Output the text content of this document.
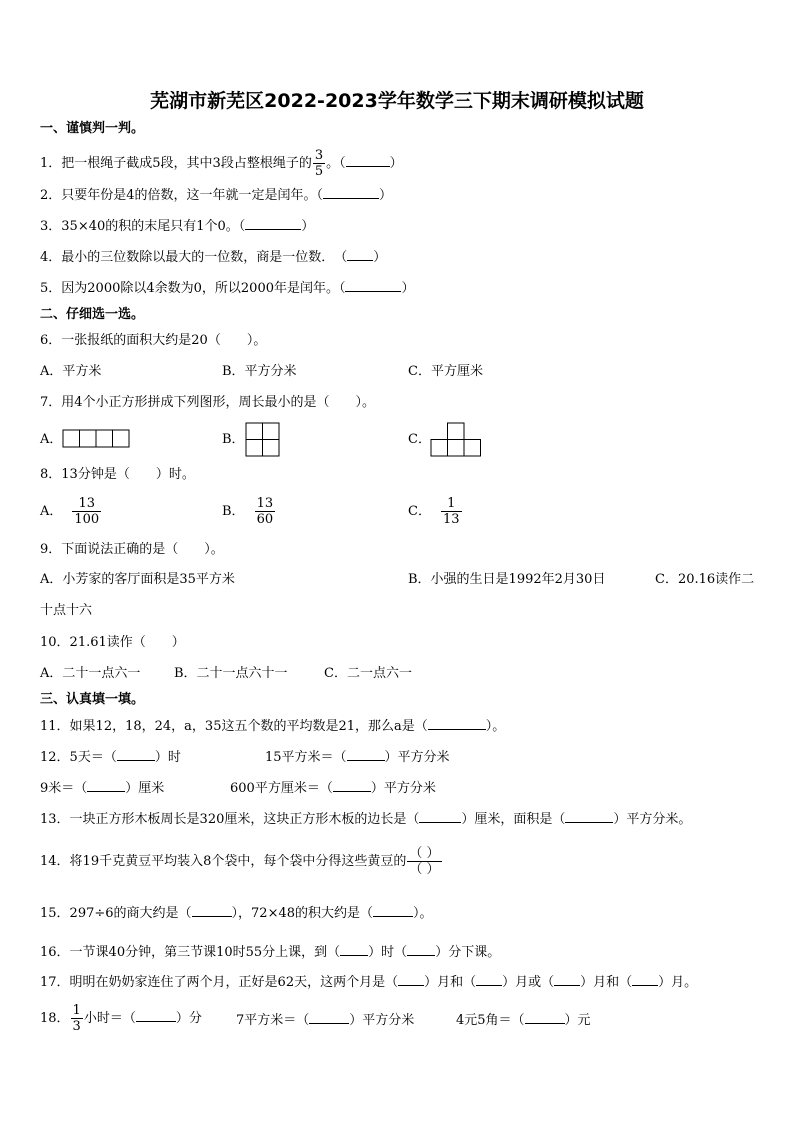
芜湖市新芜区2022-2023学年数学三下期末调研模拟试题
一、谨慎判一判。
1．把一根绳子截成5段，其中3段占整根绳子的 $\frac{3}{5}$ 。（	）
2．只要年份是4的倍数，这一年就一定是闰年。（	）
3．35×40的积的末尾只有1个0。（	）
4．最小的三位数除以最大的一位数，商是一位数．　（ ）
5．因为2000除以4余数为0，所以2000年是闰年。（	）
二、仔细选一选。
6．一张报纸的面积大约是20（　　）。
A．平方米	B．平方分米	C．平方厘米
7．用4个小正方形拼成下列图形，周长最小的是（　　）。
A．	B．	C．
8．13分钟是（　　）时。
A． $\frac{13}{100}$	B． $\frac{13}{60}$	C． $\frac{1}{13}$
9．下面说法正确的是（　　）。
A．小芳家的客厅面积是35平方米	B．小强的生日是1992年2月30日	C．20.16读作二
十点十六
10．21.61读作（　　）
A．二十一点六一	B．二十一点六十一	C．二一点六一
三、认真填一填。
11．如果12，18，24，a，35这五个数的平均数是21，那么a是（	）。
12．5天＝（	）时	15平方米＝（	）平方分米
9米＝（	）厘米	600平方厘米＝（	）平方分米
13．一块正方形木板周长是320厘米，这块正方形木板的边长是（	）厘米，面积是（	）平方分米。
14．将19千克黄豆平均装入8个袋中，每个袋中分得这些黄豆的 $\frac{( )}{( )}$
15．297÷6的商大约是（	），72×48的积大约是（	）。
16．一节课40分钟，第三节课10时55分上课，到（ ）时（ ）分下课。
17．明明在奶奶家连住了两个月，正好是62天，这两个月是（ ）月和（ ）月或（ ）月和（ ）月。
18． $\frac{1}{3}$ 小时＝（	）分	7平方米＝（	）平方分米	4元5角＝（	）元
